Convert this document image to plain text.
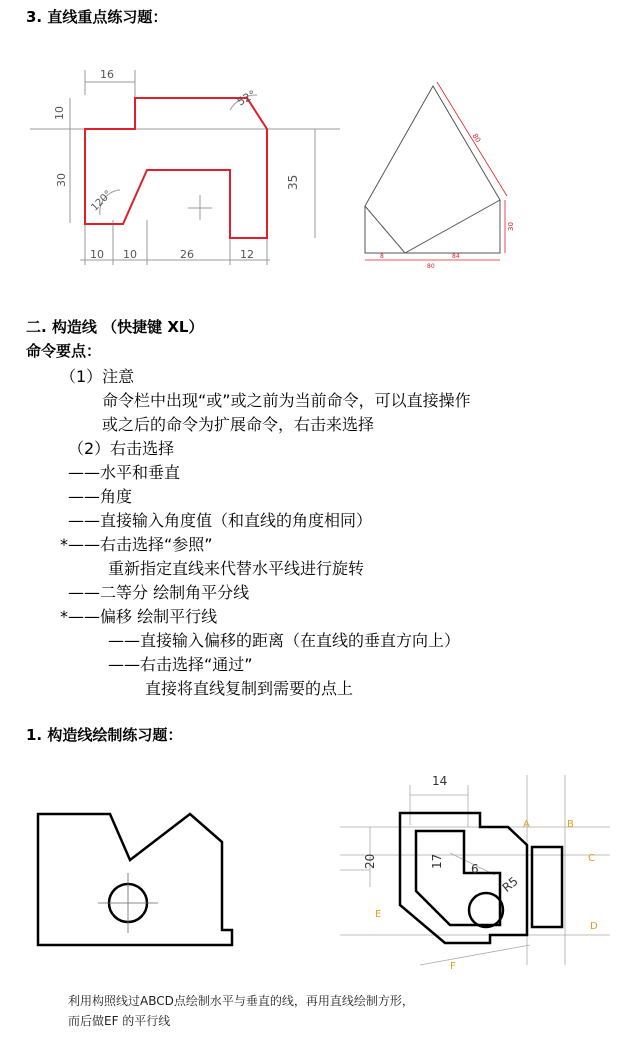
3. 直线重点练习题：
16
10
30	35
52°
120°
10 10	26	12
80
30
8	84
80
二. 构造线 （快捷键 XL）
命令要点：
（1）注意
命令栏中出现“或”或之前为当前命令，可以直接操作
或之后的命令为扩展命令，右击来选择
（2）右击选择
——水平和垂直
——角度
——直接输入角度值（和直线的角度相同）
*——右击选择“参照”
重新指定直线来代替水平线进行旋转
——二等分 绘制角平分线
*——偏移 绘制平行线
——直接输入偏移的距离（在直线的垂直方向上）
——右击选择“通过”
直接将直线复制到需要的点上
1. 构造线绘制练习题：
14
20	17 6
R5
A	B
C
D
E
F
利用构照线过ABCD点绘制水平与垂直的线，再用直线绘制方形，
而后做EF 的平行线
